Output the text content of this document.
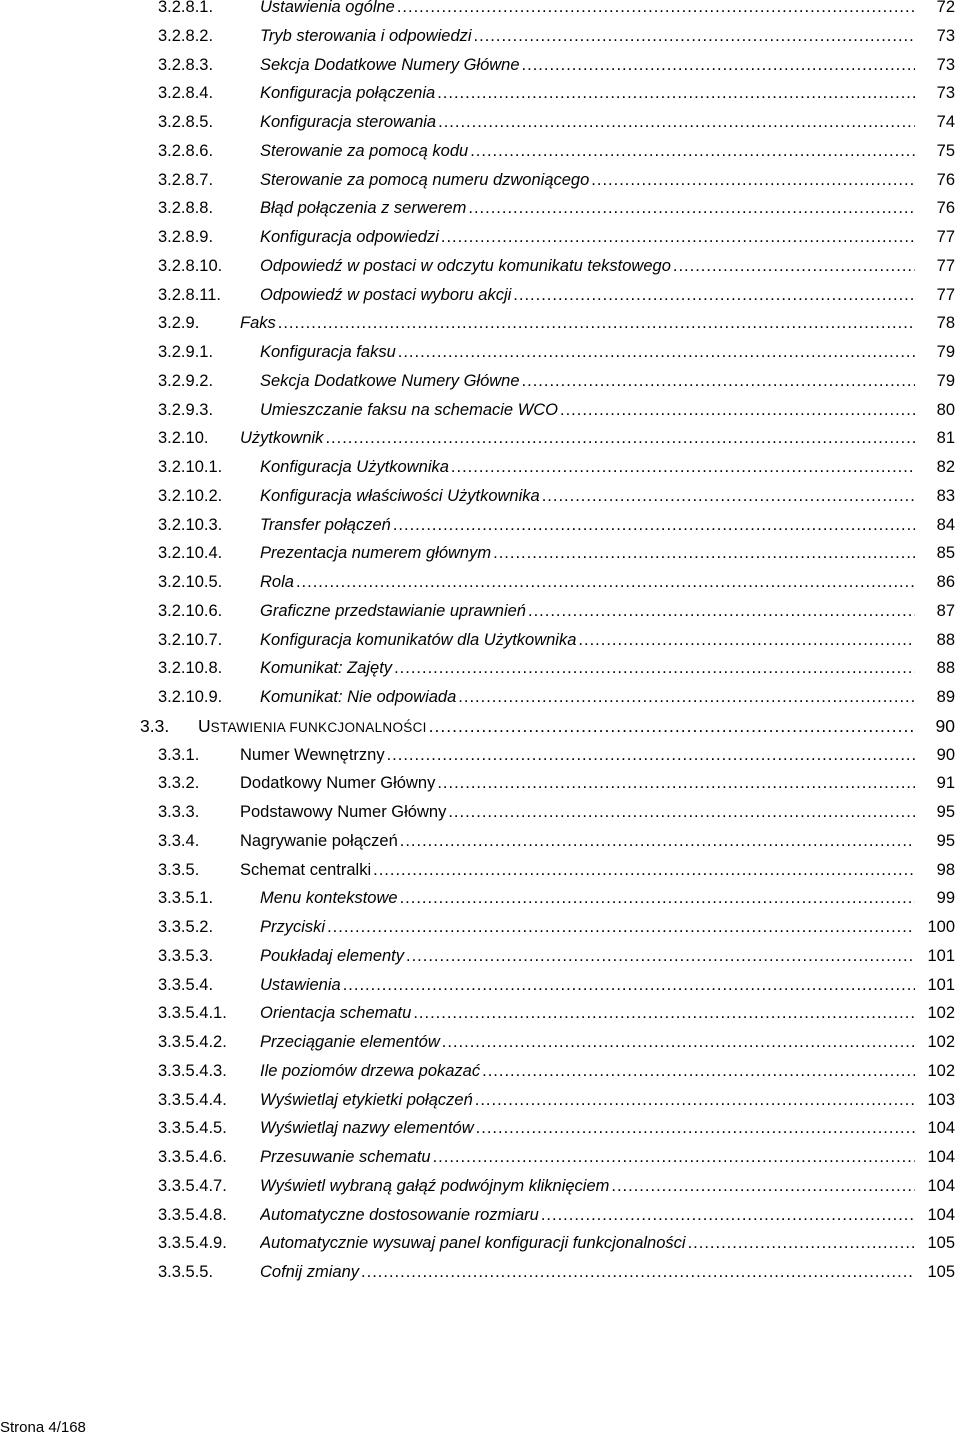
3.2.8.1.	Ustawienia ogólne .....	72
3.2.8.2.	Tryb sterowania i odpowiedzi .....	73
3.2.8.3.	Sekcja Dodatkowe Numery Główne .....	73
3.2.8.4.	Konfiguracja połączenia .....	73
3.2.8.5.	Konfiguracja sterowania .....	74
3.2.8.6.	Sterowanie za pomocą kodu .....	75
3.2.8.7.	Sterowanie za pomocą numeru dzwoniącego .....	76
3.2.8.8.	Błąd połączenia z serwerem .....	76
3.2.8.9.	Konfiguracja odpowiedzi .....	77
3.2.8.10. Odpowiedź w postaci w odczytu komunikatu tekstowego .....	77
3.2.8.11. Odpowiedź w postaci wyboru akcji .....	77
3.2.9. Faks .....	78
3.2.9.1.	Konfiguracja faksu .....	79
3.2.9.2.	Sekcja Dodatkowe Numery Główne .....	79
3.2.9.3.	Umieszczanie faksu na schemacie WCO .....	80
3.2.10. Użytkownik .....	81
3.2.10.1. Konfiguracja Użytkownika .....	82
3.2.10.2. Konfiguracja właściwości Użytkownika .....	83
3.2.10.3. Transfer połączeń .....	84
3.2.10.4. Prezentacja numerem głównym .....	85
3.2.10.5. Rola .....	86
3.2.10.6. Graficzne przedstawianie uprawnień .....	87
3.2.10.7. Konfiguracja komunikatów dla Użytkownika .....	88
3.2.10.8. Komunikat: Zajęty .....	88
3.2.10.9. Komunikat: Nie odpowiada .....	89
3.3. USTAWIENIA FUNKCJONALNOŚCI .....	90
3.3.1. Numer Wewnętrzny .....	90
3.3.2. Dodatkowy Numer Główny .....	91
3.3.3. Podstawowy Numer Główny .....	95
3.3.4. Nagrywanie połączeń .....	95
3.3.5. Schemat centralki .....	98
3.3.5.1.	Menu kontekstowe .....	99
3.3.5.2.	Przyciski .....	100
3.3.5.3.	Poukładaj elementy .....	101
3.3.5.4.	Ustawienia .....	101
3.3.5.4.1. Orientacja schematu .....	102
3.3.5.4.2. Przeciąganie elementów .....	102
3.3.5.4.3. Ile poziomów drzewa pokazać .....	102
3.3.5.4.4. Wyświetlaj etykietki połączeń .....	103
3.3.5.4.5. Wyświetlaj nazwy elementów .....	104
3.3.5.4.6. Przesuwanie schematu .....	104
3.3.5.4.7. Wyświetl wybraną gałąź podwójnym kliknięciem .....	104
3.3.5.4.8. Automatyczne dostosowanie rozmiaru .....	104
3.3.5.4.9. Automatycznie wysuwaj panel konfiguracji funkcjonalności .....	105
3.3.5.5.	Cofnij zmiany .....	105
Strona 4/168
